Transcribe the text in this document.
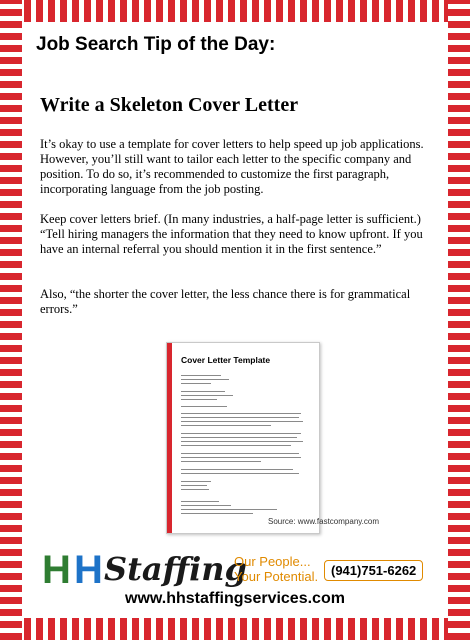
Job Search Tip of the Day:
Write a Skeleton Cover Letter
It’s okay to use a template for cover letters to help speed up job applications. However, you’ll still want to tailor each letter to the specific company and position. To do so, it’s recommended to customize the first paragraph, incorporating language from the job posting.
Keep cover letters brief. (In many industries, a half-page letter is sufficient.) “Tell hiring managers the information that they need to know upfront. If you have an internal referral you should mention it in the first sentence.”
Also, “the shorter the cover letter, the less chance there is for grammatical errors.”
Cover Letter Template
Source: www.fastcompany.com
H H Staffing
Our People...
Your Potential. (941)751-6262
www.hhstaffingservices.com
